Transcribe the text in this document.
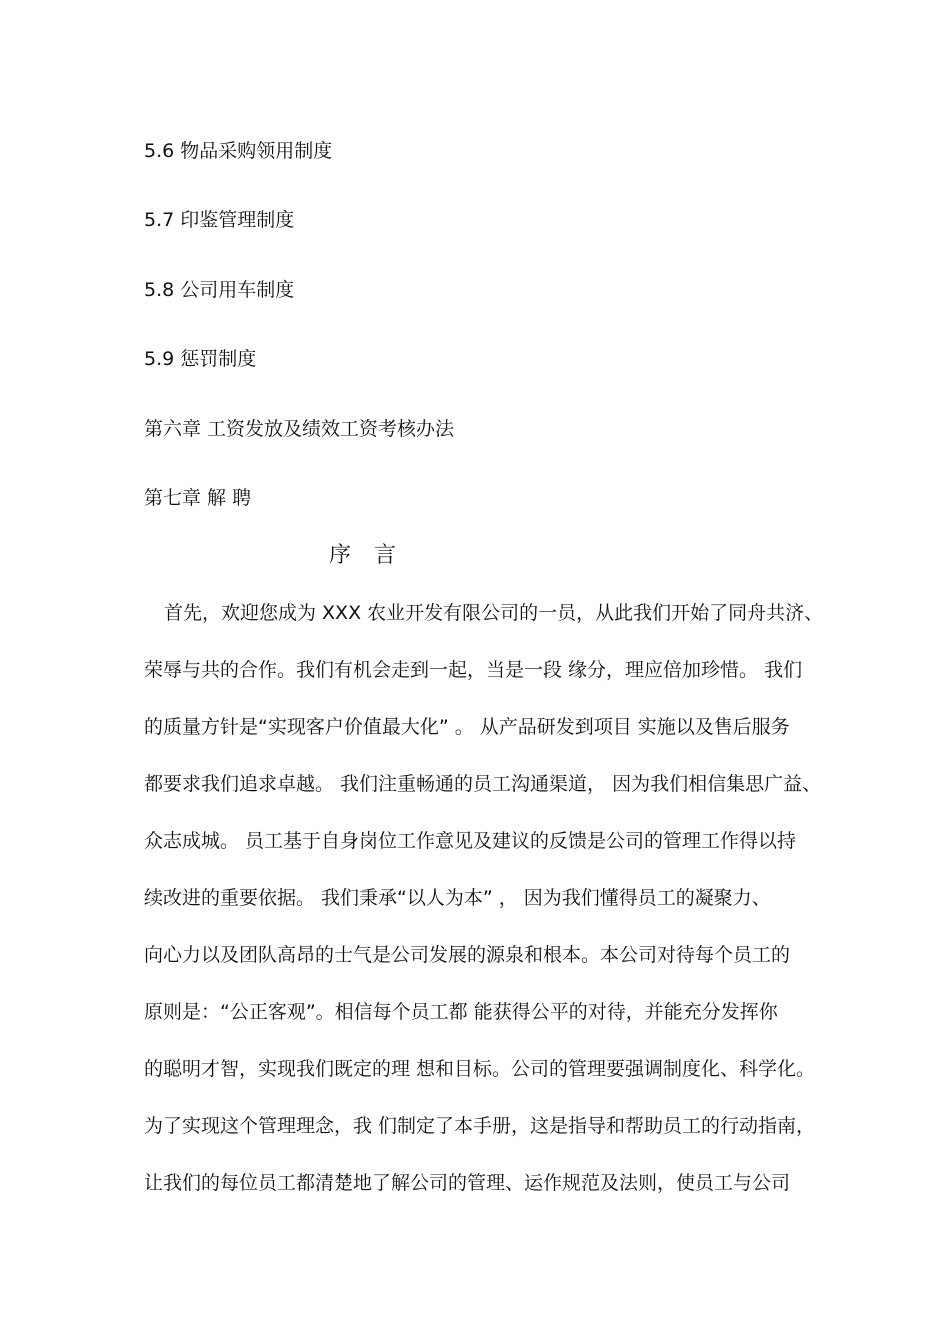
5.6 物品采购领用制度
5.7 印鉴管理制度
5.8 公司用车制度
5.9 惩罚制度
第六章 工资发放及绩效工资考核办法
第七章 解 聘
序 言
首先，欢迎您成为 XXX 农业开发有限公司的一员，从此我们开始了同舟共济、
荣辱与共的合作。我们有机会走到一起，当是一段 缘分，理应倍加珍惜。 我们
的质量方针是“实现客户价值最大化” 。 从产品研发到项目 实施以及售后服务
都要求我们追求卓越。 我们注重畅通的员工沟通渠道， 因为我们相信集思广益、
众志成城。 员工基于自身岗位工作意见及建议的反馈是公司的管理工作得以持
续改进的重要依据。 我们秉承“以人为本” ， 因为我们懂得员工的凝聚力、
向心力以及团队高昂的士气是公司发展的源泉和根本。本公司对待每个员工的
原则是：“公正客观”。相信每个员工都 能获得公平的对待，并能充分发挥你
的聪明才智，实现我们既定的理 想和目标。公司的管理要强调制度化、科学化。
为了实现这个管理理念，我 们制定了本手册，这是指导和帮助员工的行动指南，
让我们的每位员工都清楚地了解公司的管理、运作规范及法则，使员工与公司
